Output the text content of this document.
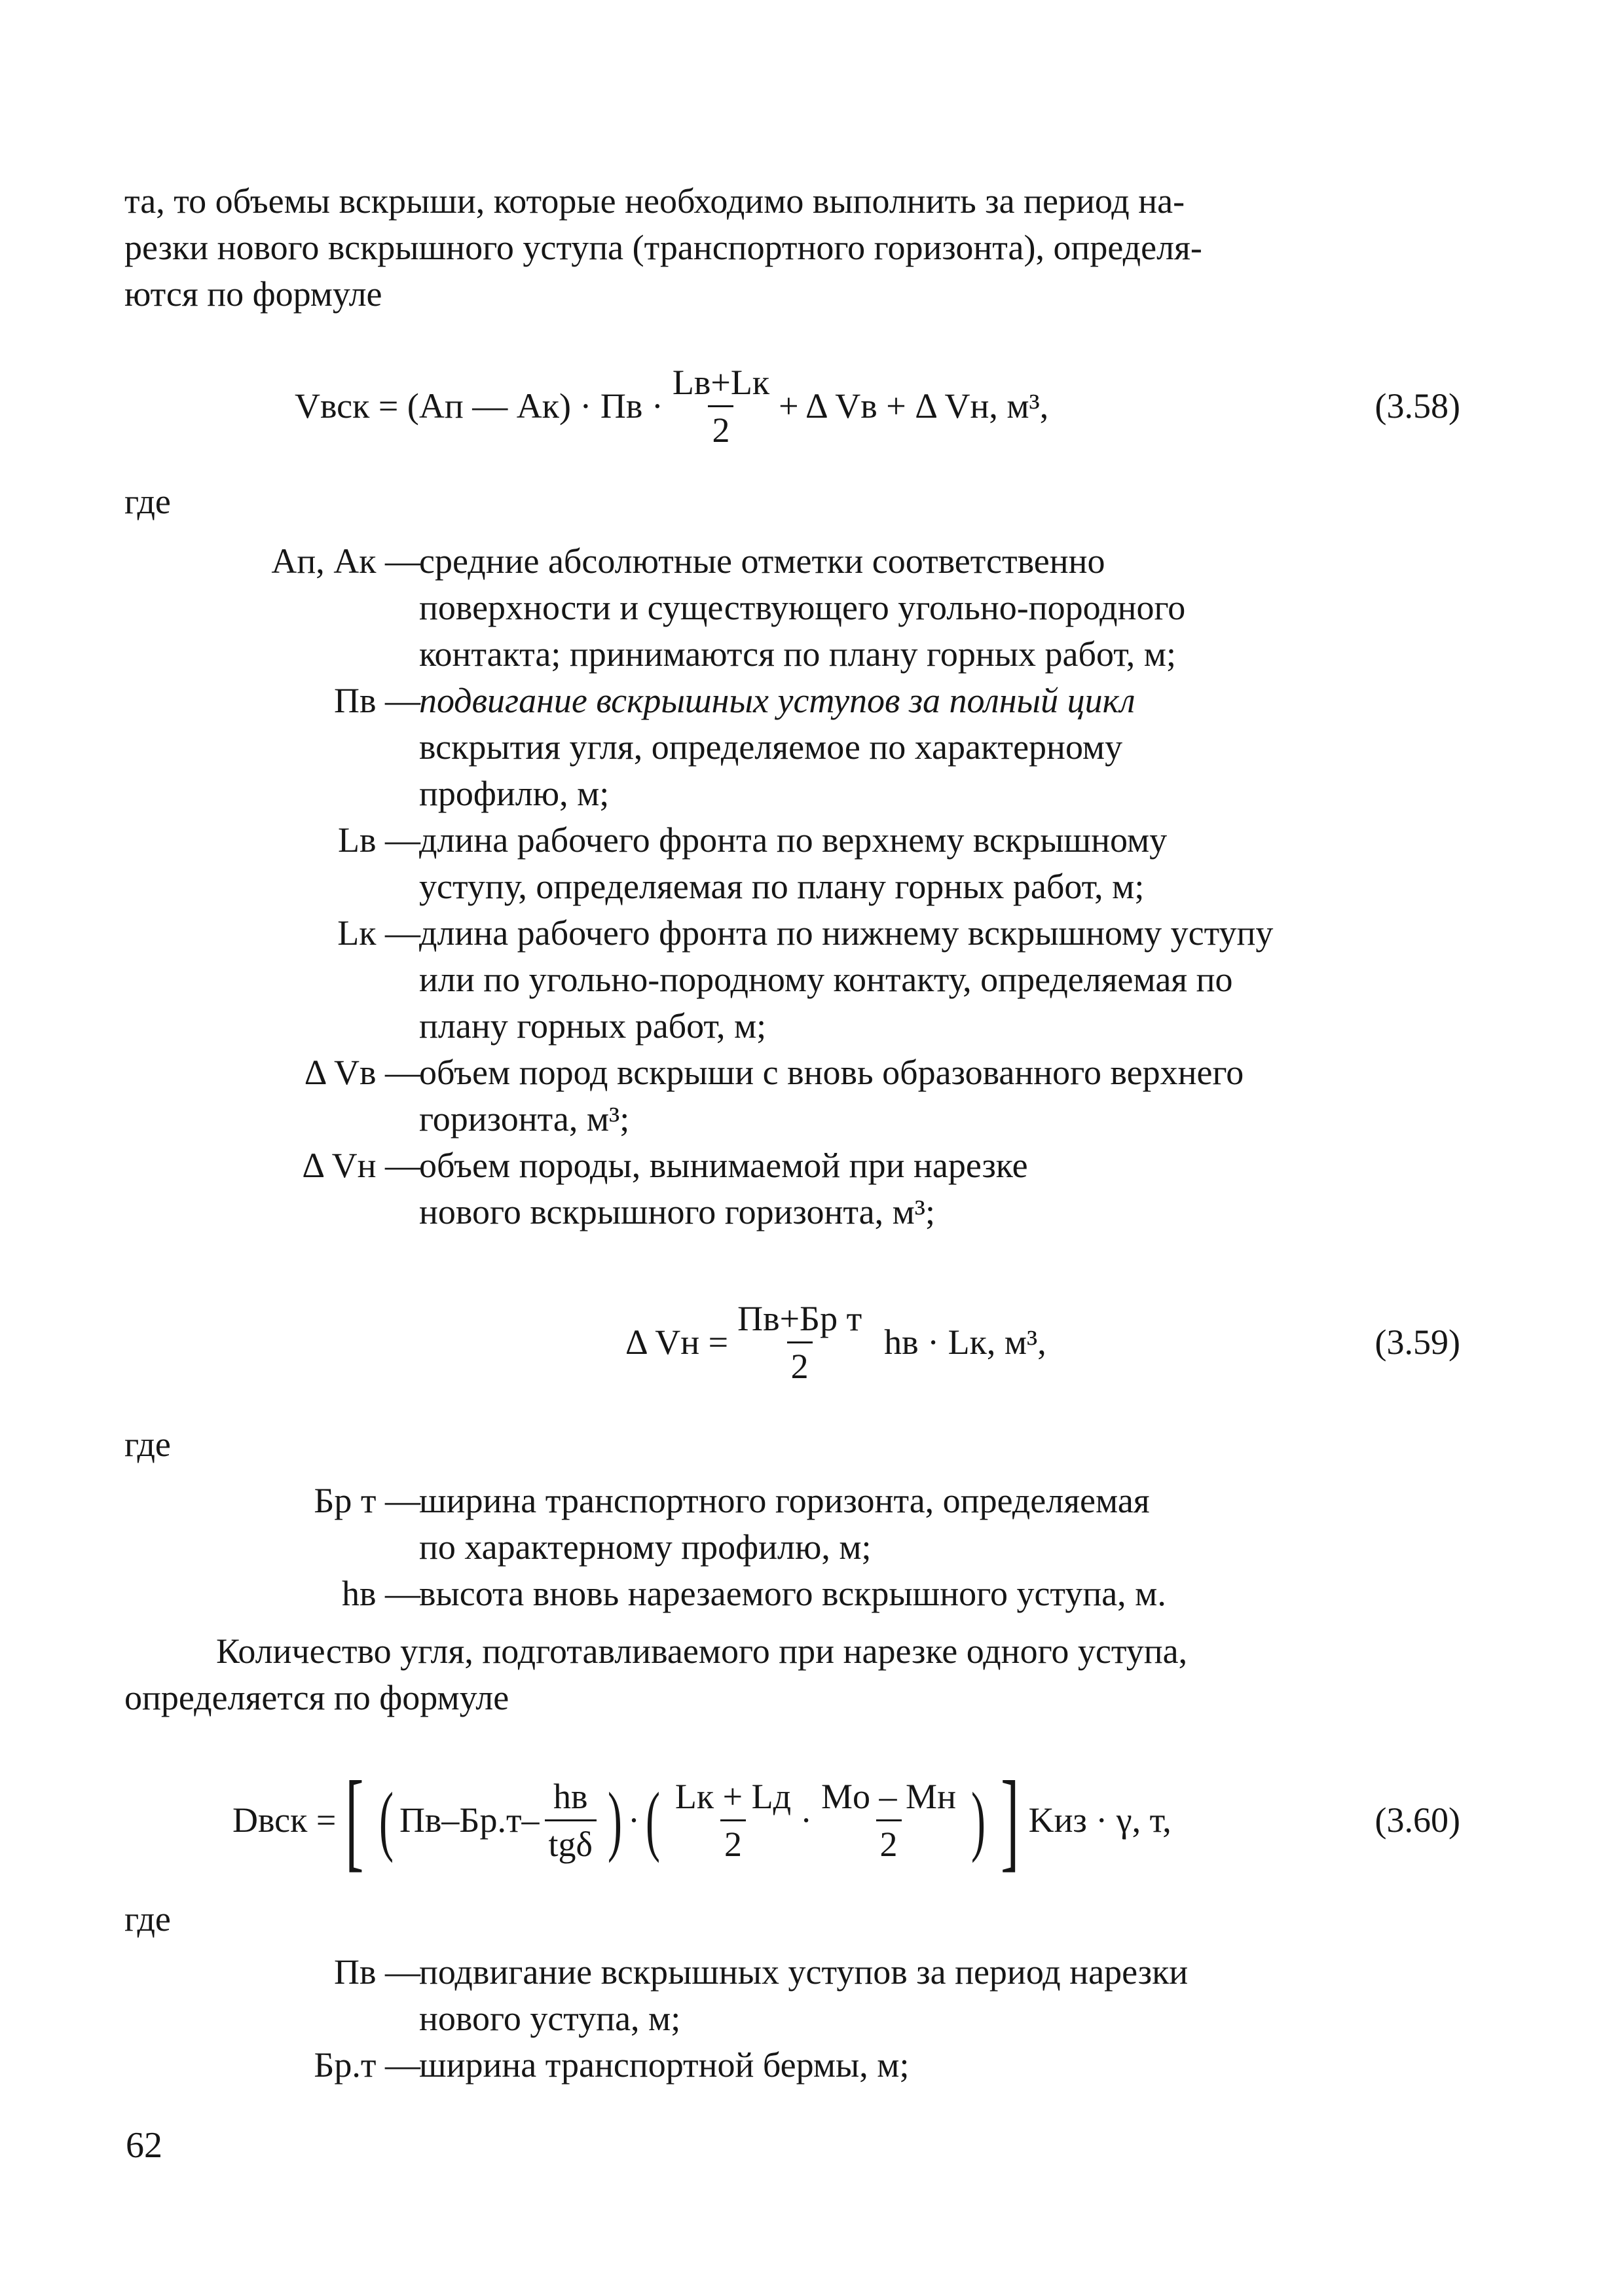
та, то объемы вскрыши, которые необходимо выполнить за период на-
резки нового вскрышного уступа (транспортного горизонта), определя-
ются по формуле
Vвск = (Aп — Aк) · Пв · $\frac{Lв+Lк}{2} + \Delta$ Vв + Δ Vн, м³,	(3.58)
где
Aп, Aк —
средние абсолютные отметки соответственно
поверхности и существующего угольно-породного
контакта; принимаются по плану горных работ, м;
Пв —
подвигание вскрышных уступов за полный цикл
вскрытия угля, определяемое по характерному
профилю, м;
Lв —
длина рабочего фронта по верхнему вскрышному
уступу, определяемая по плану горных работ, м;
Lк —
длина рабочего фронта по нижнему вскрышному уступу
или по угольно-породному контакту, определяемая по
плану горных работ, м;
Δ Vв —
объем пород вскрыши с вновь образованного верхнего
горизонта, м³;
Δ Vн —
объем породы, вынимаемой при нарезке
нового вскрышного горизонта, м³;
Δ Vн = $\frac{\text{Пв+Бр т}}{2}$ hв · Lк, м³,	(3.59)
где
Бр т —
ширина транспортного горизонта, определяемая
по характерному профилю, м;
hв —
высота вновь нарезаемого вскрышного уступа, м.
Количество угля, подготавливаемого при нарезке одного уступа,
определяется по формуле
Dвск = [ ( $Пв-Бр.т- \frac{hв}{\text{tgδ}}$ ) · ( $\frac{Lк + Lд}{2} \cdot \frac{Mо - Mн}{2}$ ) ] Kиз · γ, т,	(3.60)
где
Пв —
подвигание вскрышных уступов за период нарезки
нового уступа, м;
Бр.т —
ширина транспортной бермы, м;
62
